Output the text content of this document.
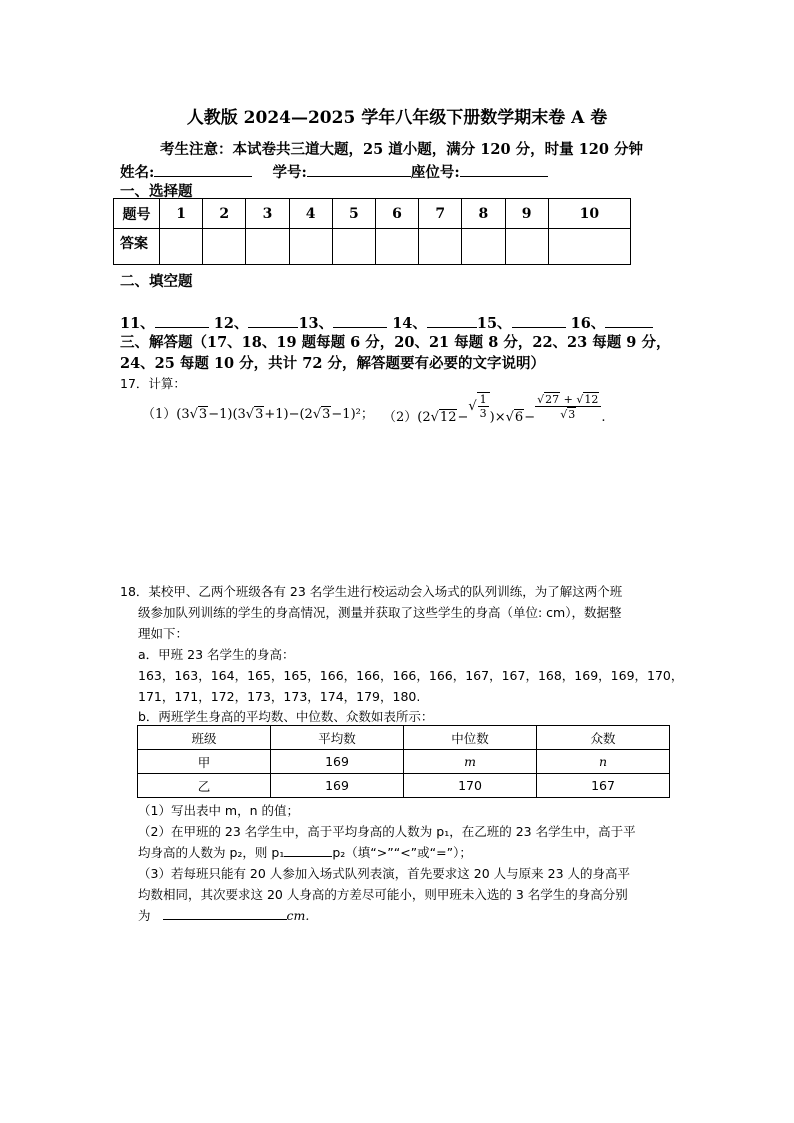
人教版 2024—2025 学年八年级下册数学期末卷 A 卷
考生注意：本试卷共三道大题，25 道小题，满分 120 分，时量 120 分钟
姓名:	学号:	座位号:
一、选择题
题号	1	2	3	4	5	6	7	8	9	10
答案										
二、填空题
11、	12、	13、	14、	15、	16、
三、解答题（17、18、19 题每题 6 分，20、21 每题 8 分，22、23 每题 9 分，
24、25 每题 10 分，共计 72 分，解答题要有必要的文字说明）
17．计算：
（1）(3√3−1)(3√3+1)−(2√3−1)²； $(2)(2√12-√ \frac{1}{3} )\times√6- \frac{√27 + √12}{√3}$ .
18．某校甲、乙两个班级各有 23 名学生进行校运动会入场式的队列训练，为了解这两个班
级参加队列训练的学生的身高情况，测量并获取了这些学生的身高（单位: cm），数据整
理如下：
a．甲班 23 名学生的身高：
163，163，164，165，165，166，166，166，166，167，167，168，169，169，170，
171，171，172，173，173，174，179，180.
b．两班学生身高的平均数、中位数、众数如表所示：
班级	平均数	中位数	众数
甲	169	m	n
乙	169	170	167
（1）写出表中 m，n 的值；
（2）在甲班的 23 名学生中，高于平均身高的人数为 p₁，在乙班的 23 名学生中，高于平
均身高的人数为 p₂，则 p₁	p₂（填“>”“<”或“=”）；
（3）若每班只能有 20 人参加入场式队列表演，首先要求这 20 人与原来 23 人的身高平
均数相同，其次要求这 20 人身高的方差尽可能小，则甲班未入选的 3 名学生的身高分别
为	cm.
